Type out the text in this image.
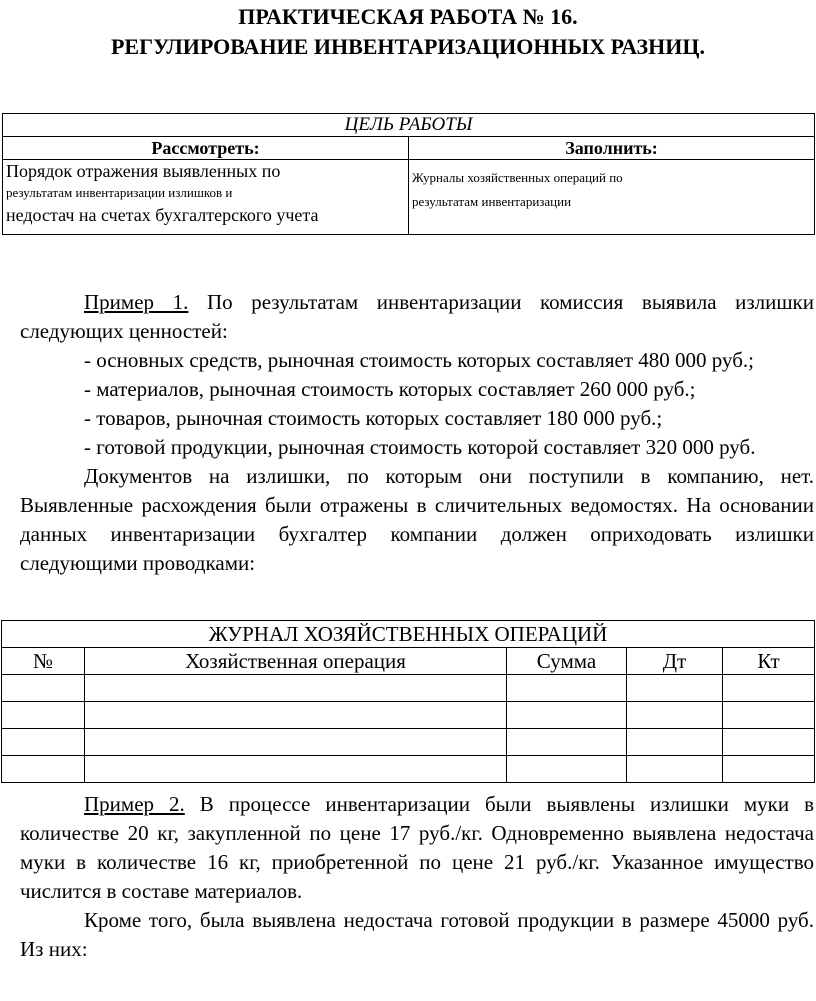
ПРАКТИЧЕСКАЯ РАБОТА № 16.
РЕГУЛИРОВАНИЕ ИНВЕНТАРИЗАЦИОННЫХ РАЗНИЦ.
ЦЕЛЬ РАБОТЫ	
Рассмотреть:	Заполнить:

Порядок отражения выявленных по
результатам инвентаризации излишков и
недостач на счетах бухгалтерского учета	Журналы хозяйственных операций по
результатам инвентаризации

Пример 1. По результатам инвентаризации комиссия выявила излишки следующих ценностей:

- основных средств, рыночная стоимость которых составляет 480 000 руб.;

- материалов, рыночная стоимость которых составляет 260 000 руб.;

- товаров, рыночная стоимость которых составляет 180 000 руб.;

- готовой продукции, рыночная стоимость которой составляет 320 000 руб.

Документов на излишки, по которым они поступили в компанию, нет. Выявленные расхождения были отражены в сличительных ведомостях. На основании данных инвентаризации бухгалтер компании должен оприходовать излишки следующими проводками:

ЖУРНАЛ ХОЗЯЙСТВЕННЫХ ОПЕРАЦИЙ				
№	Хозяйственная операция	Сумма	Дт	Кт

Пример 2. В процессе инвентаризации были выявлены излишки муки в количестве 20 кг, закупленной по цене 17 руб./кг. Одновременно выявлена недостача муки в количестве 16 кг, приобретенной по цене 21 руб./кг. Указанное имущество числится в составе материалов.

Кроме того, была выявлена недостача готовой продукции в размере 45000 руб. Из них:
